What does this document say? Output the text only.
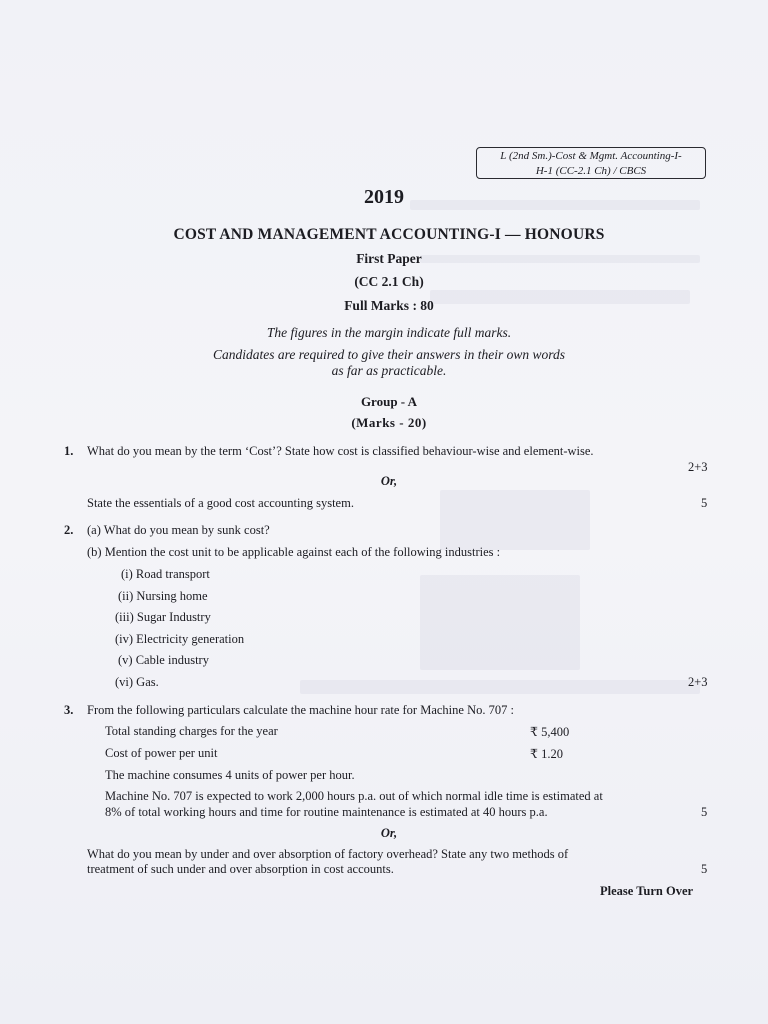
L (2nd Sm.)-Cost & Mgmt. Accounting-I-
H-1 (CC-2.1 Ch) / CBCS
2019
COST AND MANAGEMENT ACCOUNTING-I — HONOURS
First Paper
(CC 2.1 Ch)
Full Marks : 80
The figures in the margin indicate full marks.
Candidates are required to give their answers in their own words
as far as practicable.
Group - A
(Marks - 20)
1. What do you mean by the term ‘Cost’? State how cost is classified behaviour-wise and element-wise.
2+3
Or,
State the essentials of a good cost accounting system.	5
2. (a) What do you mean by sunk cost?
(b) Mention the cost unit to be applicable against each of the following industries :
(i) Road transport
(ii) Nursing home
(iii) Sugar Industry
(iv) Electricity generation
(v) Cable industry
(vi) Gas.	2+3
3. From the following particulars calculate the machine hour rate for Machine No. 707 :
Total standing charges for the year	₹ 5,400
Cost of power per unit	₹ 1.20
The machine consumes 4 units of power per hour.
Machine No. 707 is expected to work 2,000 hours p.a. out of which normal idle time is estimated at
8% of total working hours and time for routine maintenance is estimated at 40 hours p.a.	5
Or,
What do you mean by under and over absorption of factory overhead? State any two methods of
treatment of such under and over absorption in cost accounts.	5
Please Turn Over
